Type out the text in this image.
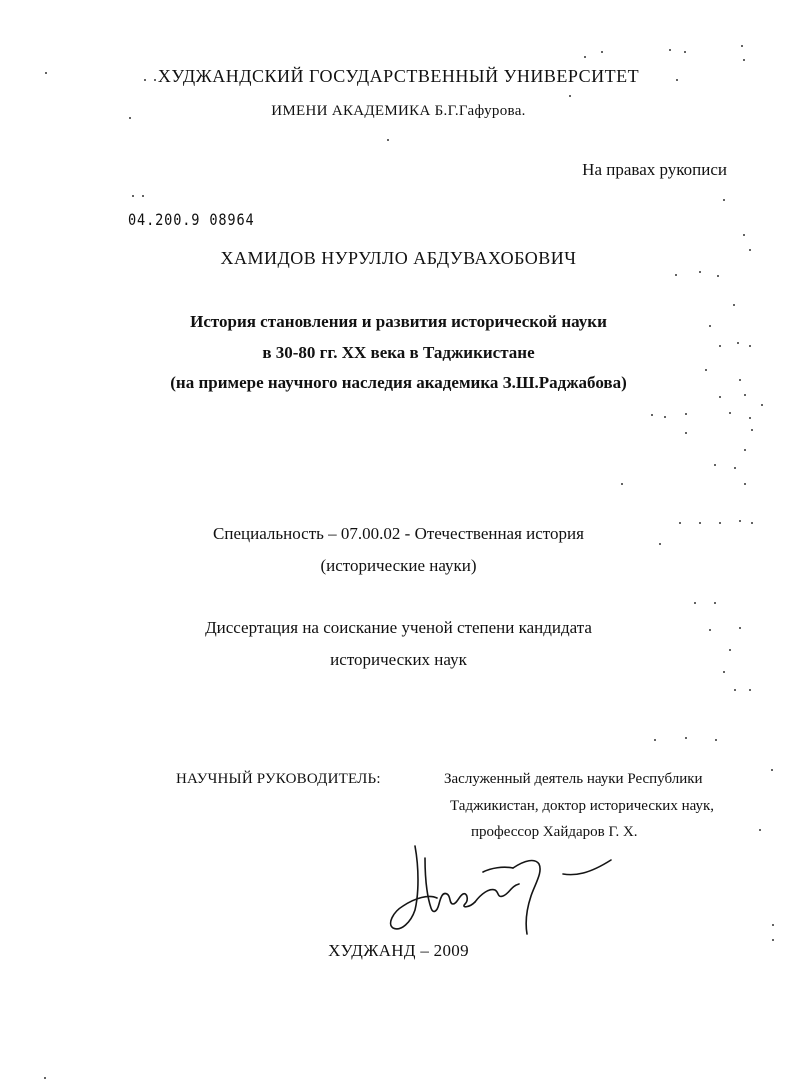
ХУДЖАНДСКИЙ ГОСУДАРСТВЕННЫЙ УНИВЕРСИТЕТ
ИМЕНИ АКАДЕМИКА Б.Г.Гафурова.
На правах рукописи
04.200.9 08964
ХАМИДОВ НУРУЛЛО АБДУВАХОБОВИЧ
История становления и развития исторической науки
в 30-80 гг. XX века в Таджикистане
(на примере научного наследия академика З.Ш.Раджабова)
Специальность – 07.00.02 - Отечественная история
(исторические науки)
Диссертация на соискание ученой степени кандидата
исторических наук
НАУЧНЫЙ РУКОВОДИТЕЛЬ:	Заслуженный деятель науки Республики
Таджикистан, доктор исторических наук,
профессор Хайдаров Г. Х.
ХУДЖАНД – 2009
